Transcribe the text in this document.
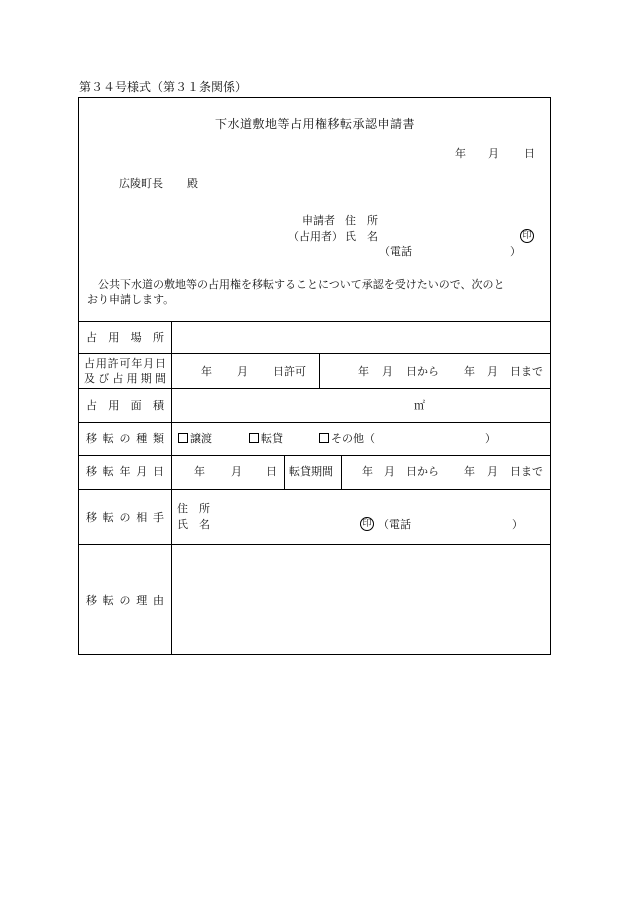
第３４号様式（第３１条関係）
下水道敷地等占用権移転承認申請書
年 月 日
広陵町長 殿
申請者 住　所
（占用者） 氏　名	印
（電話	）
公共下水道の敷地等の占用権を移転することについて承認を受けたいので、次のと
おり申請します。
占用場所
占用許可年月日
及び占用期間
年 月 日許可	年 月 日から 年 月 日まで
占用面積	㎡
移転の種類	譲渡	転貸	その他（	）
移転年月日	年 月 日 転貸期間	年 月 日から 年 月 日まで
移転の相手
住　所
氏　名	印 （電話	）
移転の理由
